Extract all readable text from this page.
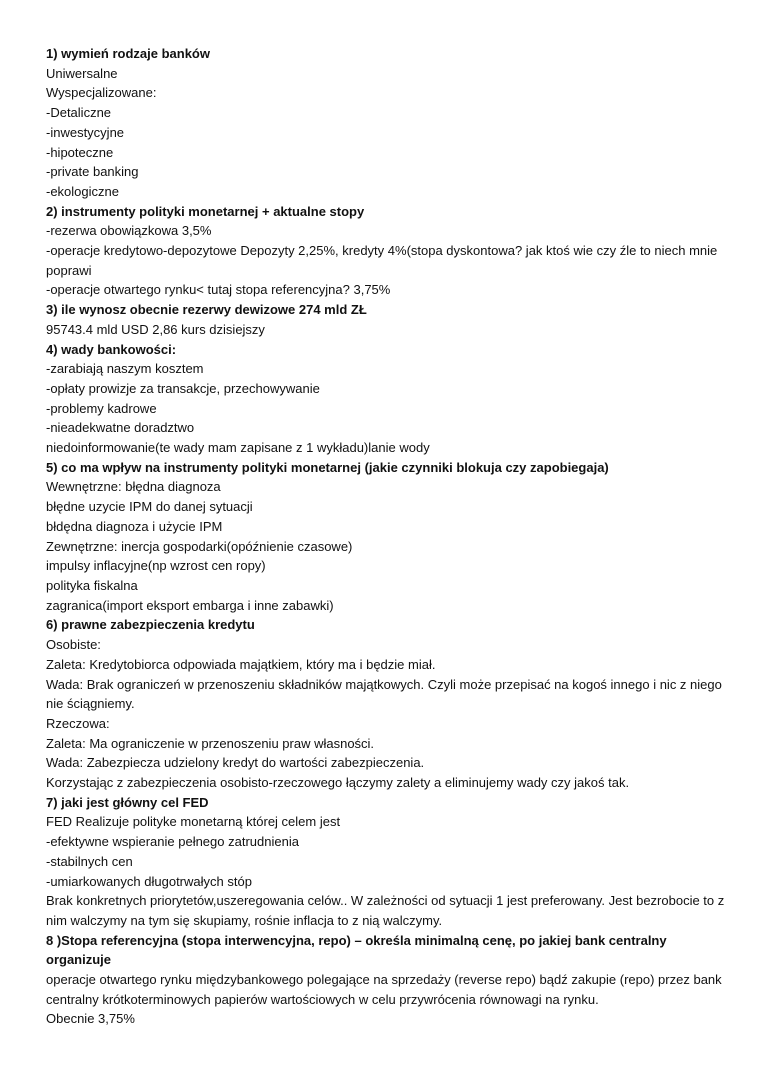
1) wymień rodzaje banków

Uniwersalne

Wyspecjalizowane:

-Detaliczne

-inwestycyjne

-hipoteczne

-private banking

-ekologiczne

2) instrumenty polityki monetarnej + aktualne stopy

-rezerwa obowiązkowa 3,5%

-operacje kredytowo-depozytowe Depozyty 2,25%, kredyty 4%(stopa dyskontowa? jak ktoś wie czy źle to niech mnie poprawi

-operacje otwartego rynku< tutaj stopa referencyjna? 3,75%

3) ile wynosz obecnie rezerwy dewizowe 274 mld ZŁ

95743.4 mld USD 2,86 kurs dzisiejszy

4) wady bankowości:

-zarabiają naszym kosztem

-opłaty prowizje za transakcje, przechowywanie

-problemy kadrowe

-nieadekwatne doradztwo

niedoinformowanie(te wady mam zapisane z 1 wykładu)lanie wody

5) co ma wpływ na instrumenty polityki monetarnej (jakie czynniki blokuja czy zapobiegaja)

Wewnętrzne: błędna diagnoza

błędne uzycie IPM do danej sytuacji

błdędna diagnoza i użycie IPM

Zewnętrzne: inercja gospodarki(opóźnienie czasowe)

impulsy inflacyjne(np wzrost cen ropy)

polityka fiskalna

zagranica(import eksport embarga i inne zabawki)

6) prawne zabezpieczenia kredytu

Osobiste:

Zaleta: Kredytobiorca odpowiada majątkiem, który ma i będzie miał.

Wada: Brak ograniczeń w przenoszeniu składników majątkowych. Czyli może przepisać na kogoś innego i nic z niego nie ściągniemy.

Rzeczowa:

Zaleta: Ma ograniczenie w przenoszeniu praw własności.

Wada: Zabezpiecza udzielony kredyt do wartości zabezpieczenia.

Korzystając z zabezpieczenia osobisto-rzeczowego łączymy zalety a eliminujemy wady czy jakoś tak.

7) jaki jest główny cel FED

FED Realizuje polityke monetarną której celem jest

-efektywne wspieranie pełnego zatrudnienia

-stabilnych cen

-umiarkowanych długotrwałych stóp

Brak konkretnych priorytetów,uszeregowania celów.. W zależności od sytuacji 1 jest preferowany. Jest bezrobocie to z nim walczymy na tym się skupiamy, rośnie inflacja to z nią walczymy.

8 )Stopa referencyjna (stopa interwencyjna, repo) – określa minimalną cenę, po jakiej bank centralny organizuje

operacje otwartego rynku międzybankowego polegające na sprzedaży (reverse repo) bądź zakupie (repo) przez bank centralny krótkoterminowych papierów wartościowych w celu przywrócenia równowagi na rynku.

Obecnie 3,75%
